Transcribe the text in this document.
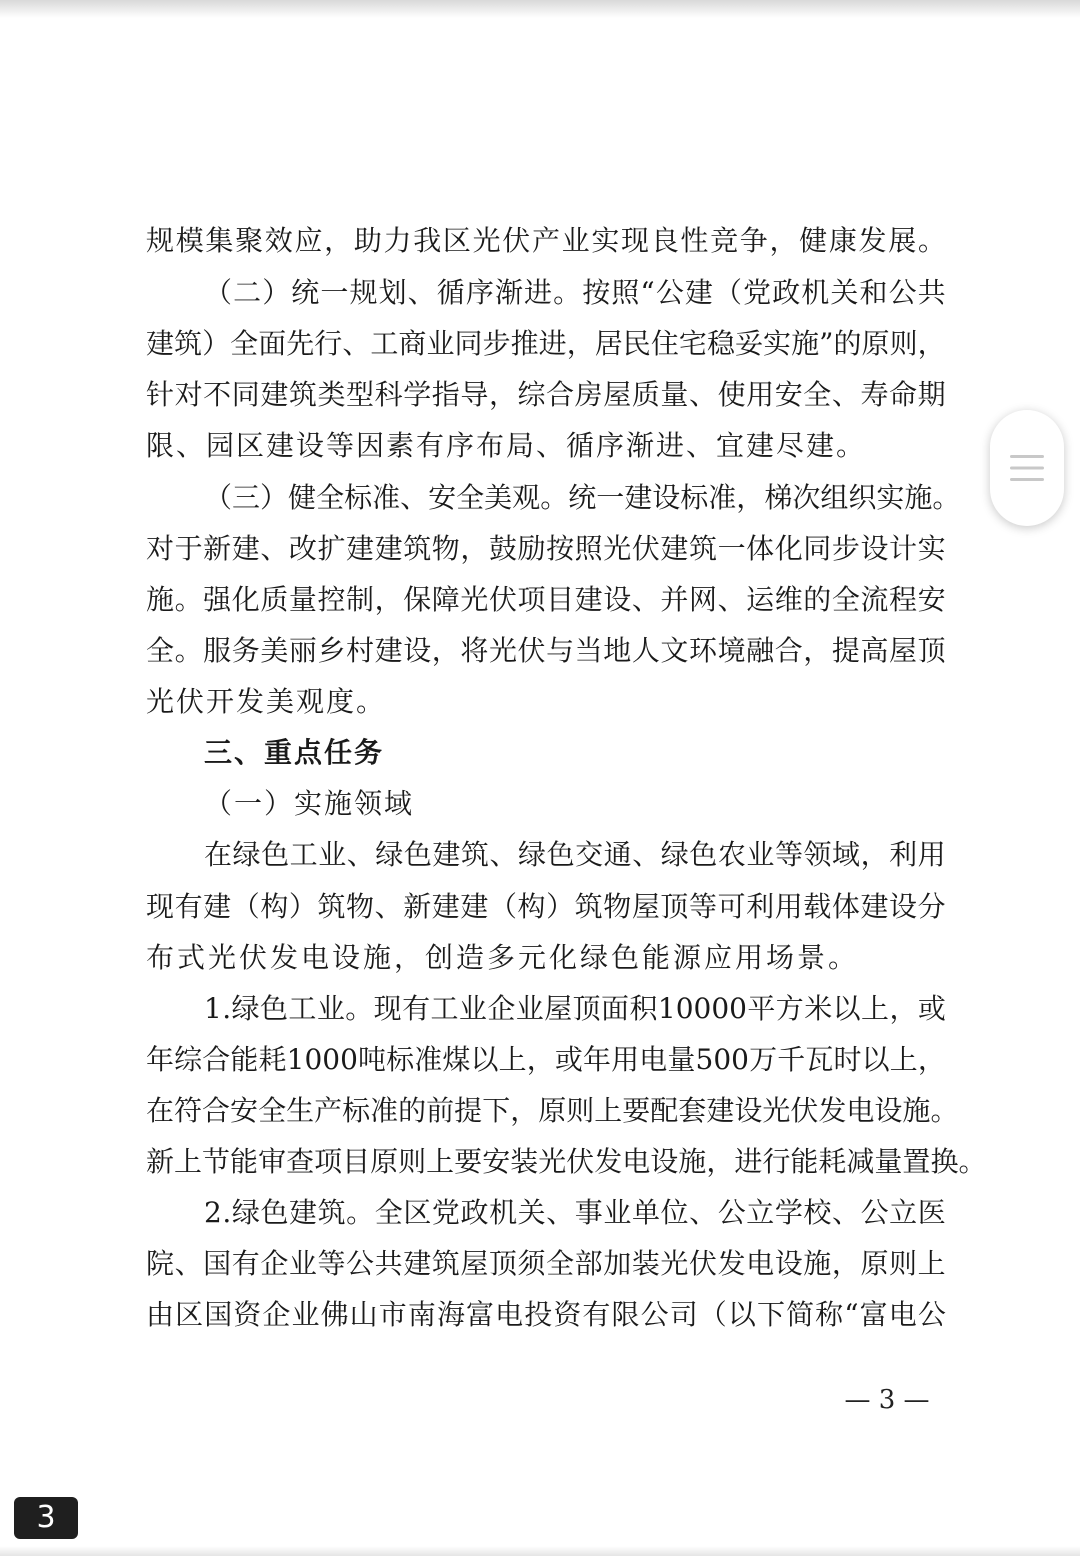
规 模 集 聚 效 应 ， 助 力 我 区 光 伏 产 业 实 现 良 性 竞 争 ， 健 康 发 展 。
（ 二 ） 统 一 规 划 、 循 序 渐 进 。 按 照 “ 公 建 （ 党 政 机 关 和 公 共
建 筑 ） 全 面 先 行 、 工 商 业 同 步 推 进 ， 居 民 住 宅 稳 妥 实 施 ” 的 原 则 ，
针 对 不 同 建 筑 类 型 科 学 指 导 ， 综 合 房 屋 质 量 、 使 用 安 全 、 寿 命 期
限、园区建设等因素有序布局、循序渐进、宜建尽建。
（ 三 ） 健 全 标 准 、 安 全 美 观 。 统 一 建 设 标 准 ， 梯 次 组 织 实 施 。
对 于 新 建 、 改 扩 建 建 筑 物 ， 鼓 励 按 照 光 伏 建 筑 一 体 化 同 步 设 计 实
施 。 强 化 质 量 控 制 ， 保 障 光 伏 项 目 建 设 、 并 网 、 运 维 的 全 流 程 安
全 。 服 务 美 丽 乡 村 建 设 ， 将 光 伏 与 当 地 人 文 环 境 融 合 ， 提 高 屋 顶
光伏开发美观度。
三、重点任务
（一）实施领域
在 绿 色 工 业 、 绿 色 建 筑 、 绿 色 交 通 、 绿 色 农 业 等 领 域 ， 利 用
现 有 建 （ 构 ） 筑 物 、 新 建 建 （ 构 ） 筑 物 屋 顶 等 可 利 用 载 体 建 设 分
布式光伏发电设施，创造多元化绿色能源应用场景。
1 . 绿 色 工 业 。 现 有 工 业 企 业 屋 顶 面 积 10000 平 方 米 以 上 ， 或
年 综 合 能 耗 1000 吨 标 准 煤 以 上 ， 或 年 用 电 量 500 万 千 瓦 时 以 上 ，
在 符 合 安 全 生 产 标 准 的 前 提 下 ， 原 则 上 要 配 套 建 设 光 伏 发 电 设 施 。
新 上 节 能 审 查 项 目 原 则 上 要 安 装 光 伏 发 电 设 施 ， 进 行 能 耗 减 量 置 换 。
2 . 绿 色 建 筑 。 全 区 党 政 机 关 、 事 业 单 位 、 公 立 学 校 、 公 立 医
院 、 国 有 企 业 等 公 共 建 筑 屋 顶 须 全 部 加 装 光 伏 发 电 设 施 ， 原 则 上
由 区 国 资 企 业 佛 山 市 南 海 富 电 投 资 有 限 公 司 （ 以 下 简 称 “ 富 电 公
— 3 —
3
